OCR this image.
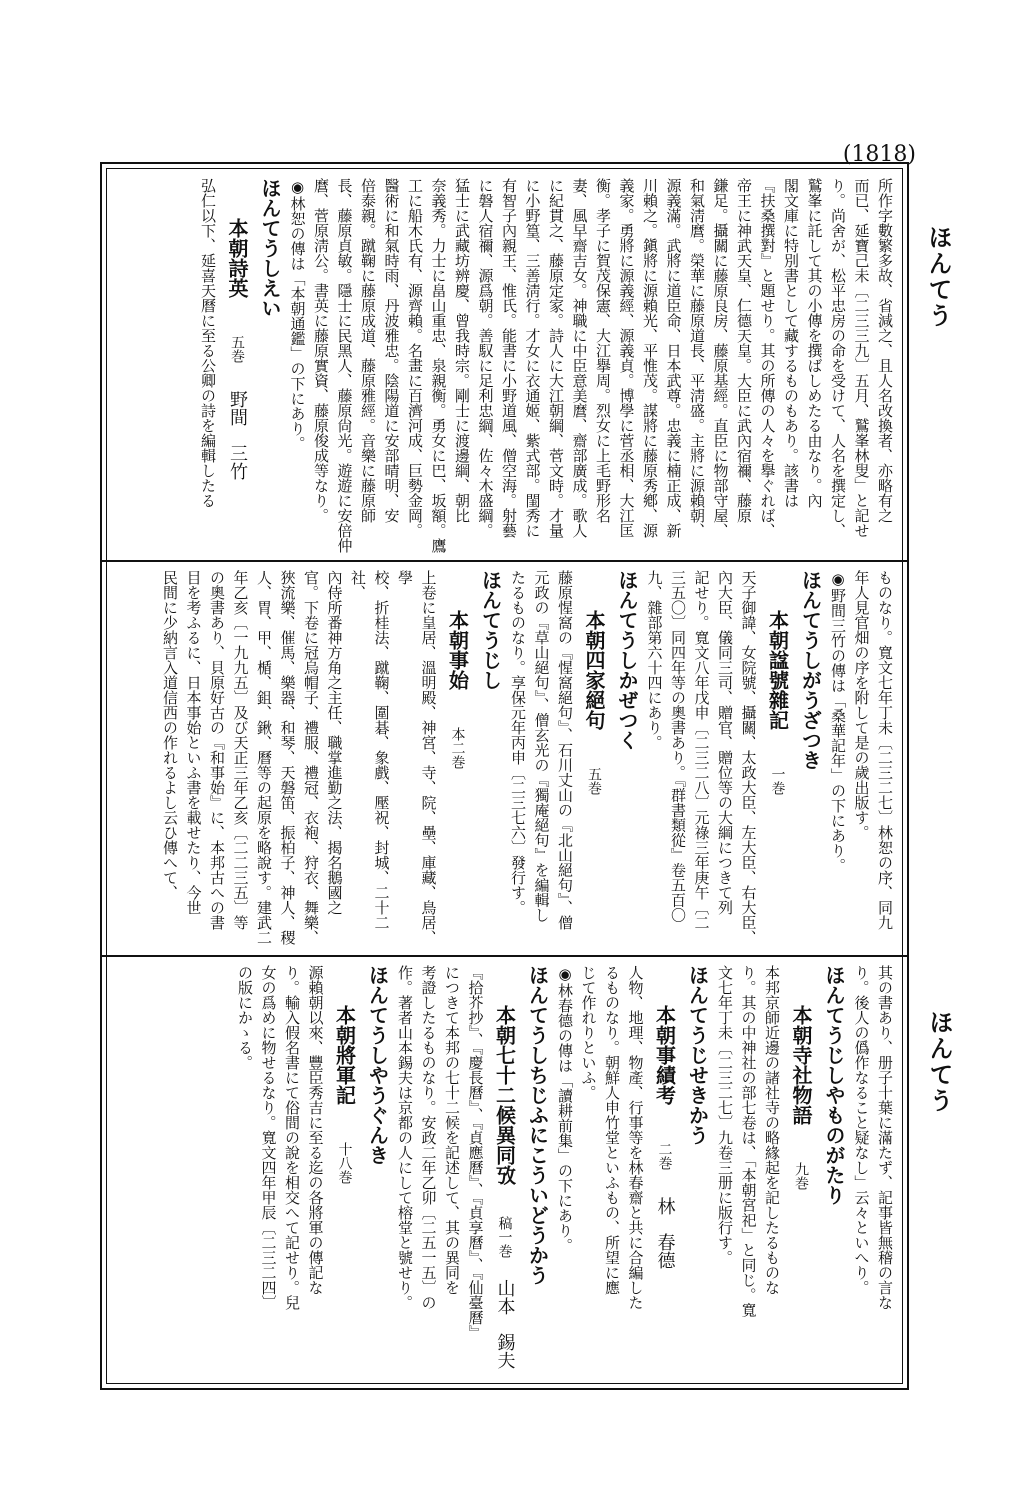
(1818)
ほんてう
ほんてう

所作字數繁多故、省減之、且人名改換者、亦略有之

而已、延寶己未〔二三三九〕五月、鷲峯林叟」と記せ

り。尚舍が、松平忠房の命を受けて、人名を撰定し、

鷲峯に託して其の小傳を撰ばしめたる由なり。內

閣文庫に特別書として藏するものもあり。該書は

『扶桑撰對』と題せり。其の所傳の人々を擧ぐれば、

帝王に神武天皇、仁德天皇。大臣に武內宿禰、藤原

鎌足。攝關に藤原良房、藤原基經。直臣に物部守屋、

和氣淸麿。榮華に藤原道長、平淸盛。主將に源賴朝、

源義滿。武將に道臣命、日本武尊。忠義に楠正成、新

川賴之。鎭將に源賴光、平惟茂。謀將に藤原秀鄕、源

義家。勇將に源義經、源義貞。博學に菅丞相、大江匡

衡。孝子に賀茂保憲、大江擧周。烈女に上毛野形名

妻、風早齋吉女。神職に中臣意美麿、齋部廣成。歌人

に紀貫之、藤原定家。詩人に大江朝綱、菅文時。才量

に小野篁、三善淸行。才女に衣通姬、紫式部。閨秀に

有智子內親王、惟氏。能書に小野道風、僧空海。射藝

に磐人宿禰、源爲朝。善馭に足利忠綱、佐々木盛綱。

猛士に武藏坊辨慶、曾我時宗。剛士に渡邊綱、朝比

奈義秀。力士に畠山重忠、泉親衡。勇女に巴、坂額。鷹

工に船木氏有、源齊賴。名畫に百濟河成、巨勢金岡。

醫術に和氣時雨、丹波雅忠。陰陽道に安部晴明、安

倍泰親。蹴鞠に藤原成道、藤原雅經。音樂に藤原師

長、藤原貞敏。隱士に民黑人、藤原尙光。遊遊に安倍仲

麿、菅原淸公。書英に藤原實資、藤原俊成等なり。

◉林恕の傳は「本朝通鑑」の下にあり。

ほんてうしえい
本朝詩英 五巻 野間　三竹

弘仁以下、延喜天曆に至る公卿の詩を編輯したる

ものなり。寬文七年丁未〔二三二七〕林恕の序、同九

年人見官畑の序を附して是の歲出版す。

◉野間三竹の傳は「桑華記年」の下にあり。

ほんてうしがうざつき
本朝諡號雜記 一巻

天子御諱、女院號、攝關、太政大臣、左大臣、右大臣、

內大臣、儀同三司、贈官、贈位等の大綱につきて列

記せり。寬文八年戊申〔二三二八〕元祿三年庚午〔二

三五〇〕同四年等の奧書あり。『群書類從』卷五百〇

九、雜部第六十四にあり。

ほんてうしかぜつく
本朝四家絕句 五巻

藤原惺窩の『惺窩絕句』、石川丈山の『北山絕句』、僧

元政の『草山絕句』、僧玄光の『獨庵絕句』を編輯し

たるものなり。享保元年丙申〔二三七六〕發行す。

ほんてうじし
本朝事始 本二巻

上卷に皇居、溫明殿、神宮、寺、院、壘、庫藏、鳥居、學

校、折桂法、蹴鞠、圍碁、象戲、壓祝、封城、二十二社、

內侍所番神方角之主任、職掌進勤之法、揭名鵝國之

官。下卷に冠烏帽子、禮服、禮冠、衣袍、狩衣、舞樂、

狹流樂、催馬、樂器、和琴、天磐笛、振柏子、神人、稷

人、胃、甲、楯、鉏、鍬、曆等の起原を略說す。建武二

年乙亥〔一九九五〕及び天正三年乙亥〔二二三五〕等

の奧書あり、貝原好古の『和事始』に、本邦古への書

目を考ふるに、日本事始といふ書を載せたり、今世

民間に少納言入道信西の作れるよし云ひ傳へて、

其の書あり、册子十葉に滿たず、記事皆無稽の言な

り。後人の僞作なること疑なし」云々といへり。

ほんてうじしやものがたり
本朝寺社物語 九巻

本邦京師近邊の諸社寺の略緣起を記したるものな

り。其の中神社の部七卷は、「本朝宮祀」と同じ。寬

文七年丁未〔二三二七〕九卷三册に版行す。

ほんてうじせきかう
本朝事績考 二巻 林　春德

人物、地理、物產、行事等を林春齋と共に合編した

るものなり。朝鮮人申竹堂といふもの、所望に應

じて作れりといふ。

◉林春德の傳は「讀耕前集」の下にあり。

ほんてうしちじふにこういどうかう
本朝七十二候異同攷 稿一巻 山本　錫夫

『拾芥抄』、『慶長曆』、『貞應曆』、『貞享曆』、『仙臺曆』

につきて本邦の七十二候を記述して、其の異同を

考證したるものなり。安政二年乙卯〔二五一五〕の

作。著者山本錫夫は京都の人にして榕堂と號せり。

ほんてうしやうぐんき
本朝將軍記 十八巻

源賴朝以來、豐臣秀吉に至る迄の各將軍の傳記な

り。輸入假名書にて俗間の說を相交へて記せり。兒

女の爲めに物せるなり。寬文四年甲辰〔二三二四〕

の版にかゝる。
